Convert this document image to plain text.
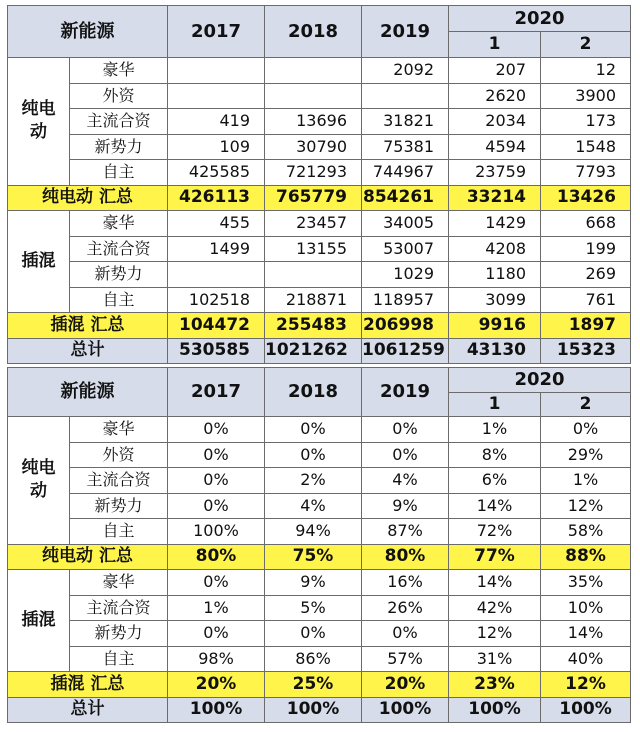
新能源		2017	2018	2019	2020	
					1	2
纯电
动	豪华			2092	207	12
	外资				2620	3900
	主流合资	419	13696	31821	2034	173
	新势力	109	30790	75381	4594	1548
	自主	425585	721293	744967	23759	7793
纯电动 汇总		426113	765779	854261	33214	13426
插混	豪华	455	23457	34005	1429	668
	主流合资	1499	13155	53007	4208	199
	新势力			1029	1180	269
	自主	102518	218871	118957	3099	761
插混 汇总		104472	255483	206998	9916	1897
总计		530585	1021262	1061259	43130	15323
新能源		2017	2018	2019	2020	
					1	2
纯电
动	豪华	0%	0%	0%	1%	0%
	外资	0%	0%	0%	8%	29%
	主流合资	0%	2%	4%	6%	1%
	新势力	0%	4%	9%	14%	12%
	自主	100%	94%	87%	72%	58%
纯电动 汇总		80%	75%	80%	77%	88%
插混	豪华	0%	9%	16%	14%	35%
	主流合资	1%	5%	26%	42%	10%
	新势力	0%	0%	0%	12%	14%
	自主	98%	86%	57%	31%	40%
插混 汇总		20%	25%	20%	23%	12%
总计		100%	100%	100%	100%	100%
